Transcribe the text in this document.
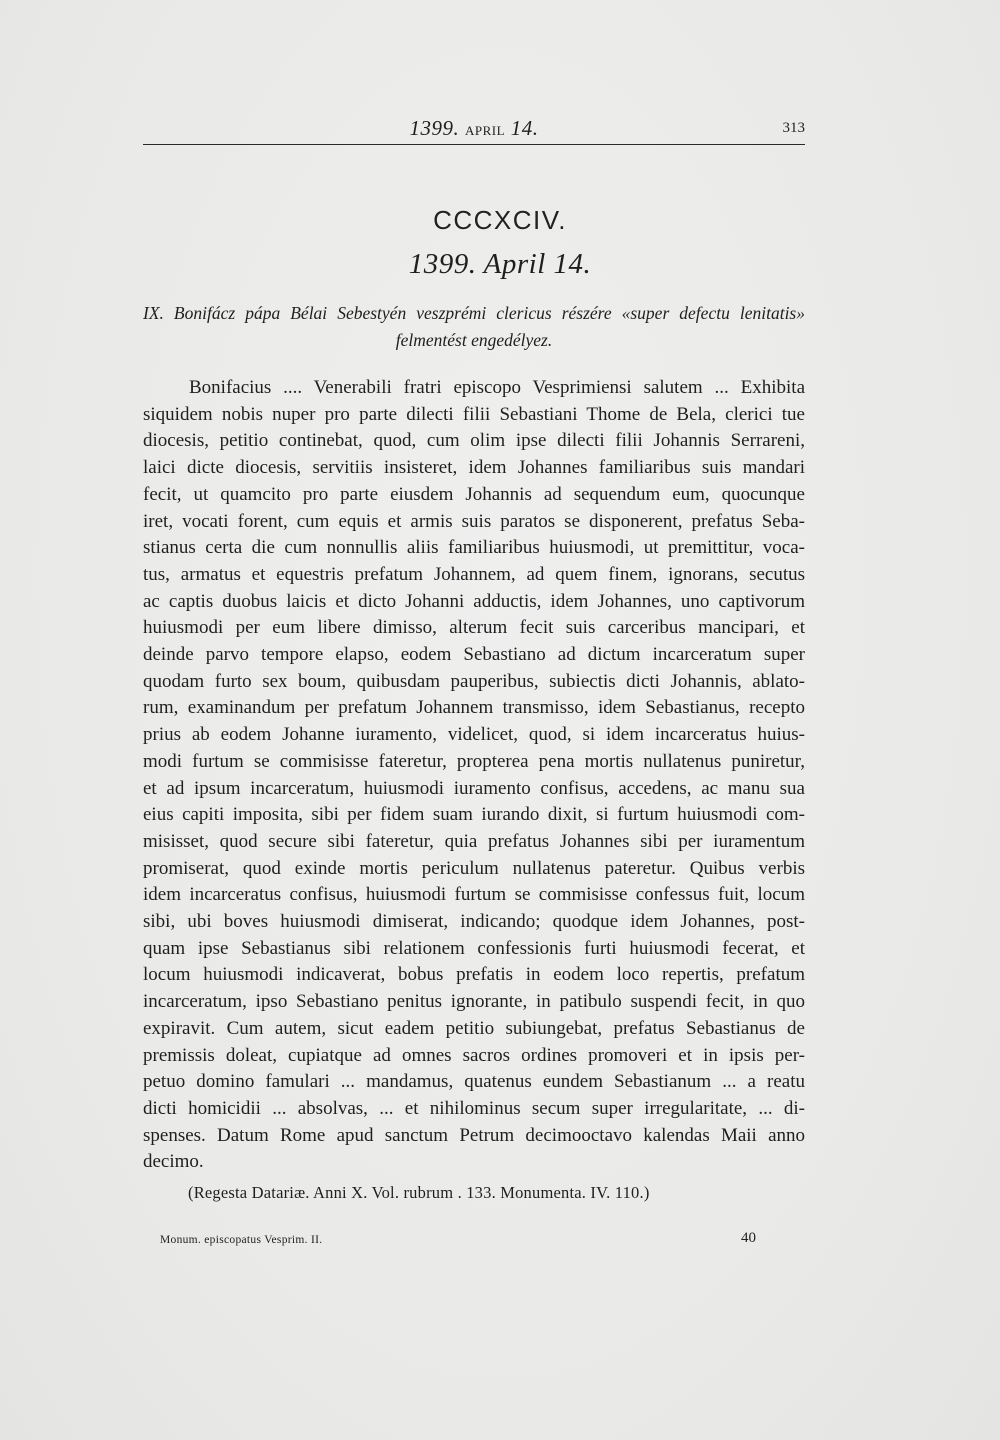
1399. APRIL 14.	313
CCCXCIV.
1399. April 14.
IX. Bonifácz pápa Bélai Sebestyén veszprémi clericus részére «super defectu lenitatis»
felmentést engedélyez.
Bonifacius .... Venerabili fratri episcopo Vesprimiensi salutem ... Exhibita
siquidem nobis nuper pro parte dilecti filii Sebastiani Thome de Bela, clerici tue
diocesis, petitio continebat, quod, cum olim ipse dilecti filii Johannis Serrareni,
laici dicte diocesis, servitiis insisteret, idem Johannes familiaribus suis mandari
fecit, ut quamcito pro parte eiusdem Johannis ad sequendum eum, quocunque
iret, vocati forent, cum equis et armis suis paratos se disponerent, prefatus Seba-
stianus certa die cum nonnullis aliis familiaribus huiusmodi, ut premittitur, voca-
tus, armatus et equestris prefatum Johannem, ad quem finem, ignorans, secutus
ac captis duobus laicis et dicto Johanni adductis, idem Johannes, uno captivorum
huiusmodi per eum libere dimisso, alterum fecit suis carceribus mancipari, et
deinde parvo tempore elapso, eodem Sebastiano ad dictum incarceratum super
quodam furto sex boum, quibusdam pauperibus, subiectis dicti Johannis, ablato-
rum, examinandum per prefatum Johannem transmisso, idem Sebastianus, recepto
prius ab eodem Johanne iuramento, videlicet, quod, si idem incarceratus huius-
modi furtum se commisisse fateretur, propterea pena mortis nullatenus puniretur,
et ad ipsum incarceratum, huiusmodi iuramento confisus, accedens, ac manu sua
eius capiti imposita, sibi per fidem suam iurando dixit, si furtum huiusmodi com-
misisset, quod secure sibi fateretur, quia prefatus Johannes sibi per iuramentum
promiserat, quod exinde mortis periculum nullatenus pateretur. Quibus verbis
idem incarceratus confisus, huiusmodi furtum se commisisse confessus fuit, locum
sibi, ubi boves huiusmodi dimiserat, indicando; quodque idem Johannes, post-
quam ipse Sebastianus sibi relationem confessionis furti huiusmodi fecerat, et
locum huiusmodi indicaverat, bobus prefatis in eodem loco repertis, prefatum
incarceratum, ipso Sebastiano penitus ignorante, in patibulo suspendi fecit, in quo
expiravit. Cum autem, sicut eadem petitio subiungebat, prefatus Sebastianus de
premissis doleat, cupiatque ad omnes sacros ordines promoveri et in ipsis per-
petuo domino famulari ... mandamus, quatenus eundem Sebastianum ... a reatu
dicti homicidii ... absolvas, ... et nihilominus secum super irregularitate, ... di-
spenses. Datum Rome apud sanctum Petrum decimooctavo kalendas Maii anno
decimo.
(Regesta Datariæ. Anni X. Vol. rubrum . 133. Monumenta. IV. 110.)
Monum. episcopatus Vesprim. II.	40
